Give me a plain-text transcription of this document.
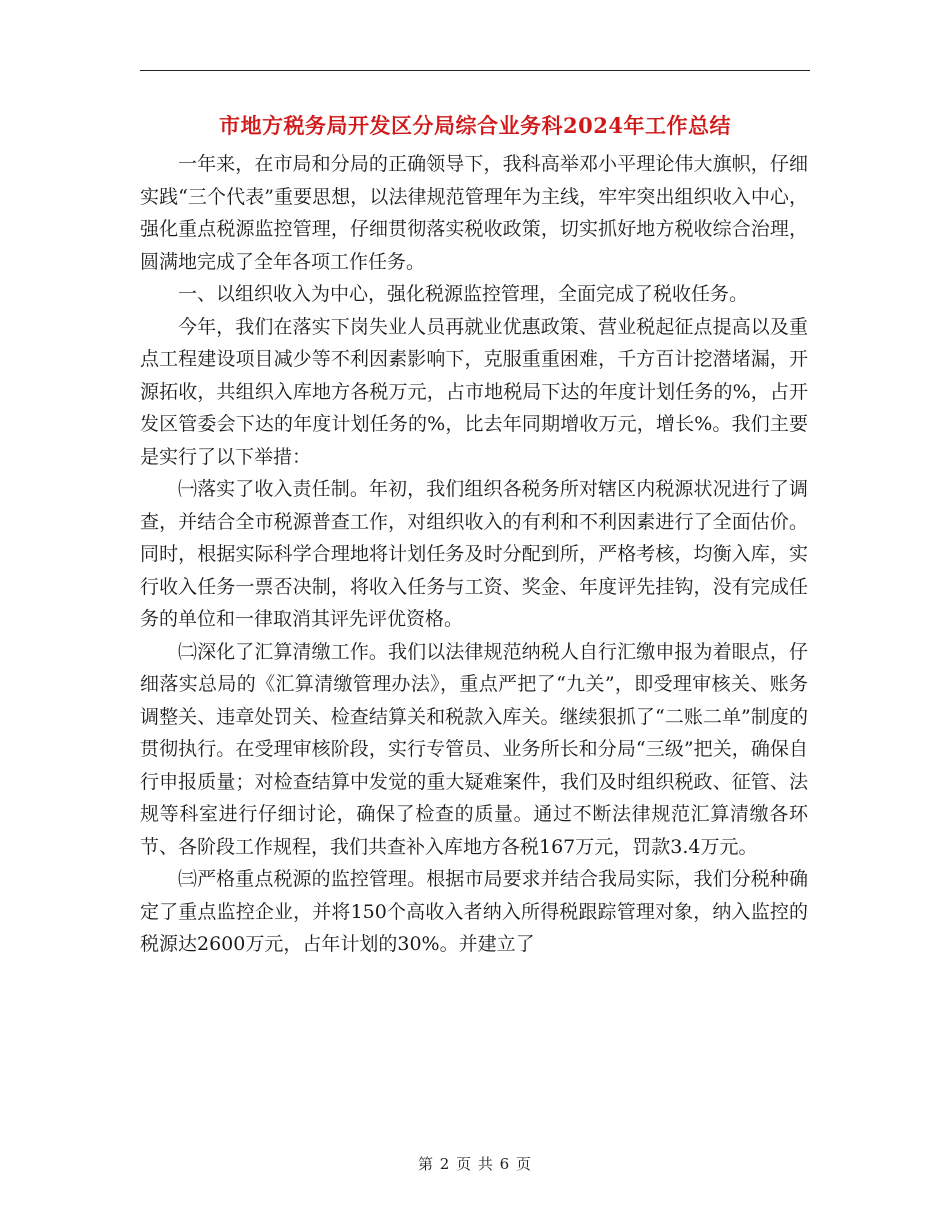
市地方税务局开发区分局综合业务科2024年工作总结

一年来，在市局和分局的正确领导下，我科高举邓小平理论伟大旗帜，仔细实践“三个代表”重要思想，以法律规范管理年为主线，牢牢突出组织收入中心，强化重点税源监控管理，仔细贯彻落实税收政策，切实抓好地方税收综合治理，圆满地完成了全年各项工作任务。

一、以组织收入为中心，强化税源监控管理，全面完成了税收任务。

今年，我们在落实下岗失业人员再就业优惠政策、营业税起征点提高以及重点工程建设项目减少等不利因素影响下，克服重重困难，千方百计挖潜堵漏，开源拓收，共组织入库地方各税万元，占市地税局下达的年度计划任务的%，占开发区管委会下达的年度计划任务的%，比去年同期增收万元，增长%。我们主要是实行了以下举措：

㈠落实了收入责任制。年初，我们组织各税务所对辖区内税源状况进行了调查，并结合全市税源普查工作，对组织收入的有利和不利因素进行了全面估价。同时，根据实际科学合理地将计划任务及时分配到所，严格考核，均衡入库，实行收入任务一票否决制，将收入任务与工资、奖金、年度评先挂钩，没有完成任务的单位和一律取消其评先评优资格。

㈡深化了汇算清缴工作。我们以法律规范纳税人自行汇缴申报为着眼点，仔细落实总局的《汇算清缴管理办法》，重点严把了“九关”，即受理审核关、账务调整关、违章处罚关、检查结算关和税款入库关。继续狠抓了“二账二单”制度的贯彻执行。在受理审核阶段，实行专管员、业务所长和分局“三级”把关，确保自行申报质量；对检查结算中发觉的重大疑难案件，我们及时组织税政、征管、法规等科室进行仔细讨论，确保了检查的质量。通过不断法律规范汇算清缴各环节、各阶段工作规程，我们共查补入库地方各税167万元，罚款3.4万元。

㈢严格重点税源的监控管理。根据市局要求并结合我局实际，我们分税种确定了重点监控企业，并将150个高收入者纳入所得税跟踪管理对象，纳入监控的税源达2600万元，占年计划的30%。并建立了

第 2 页 共 6 页
